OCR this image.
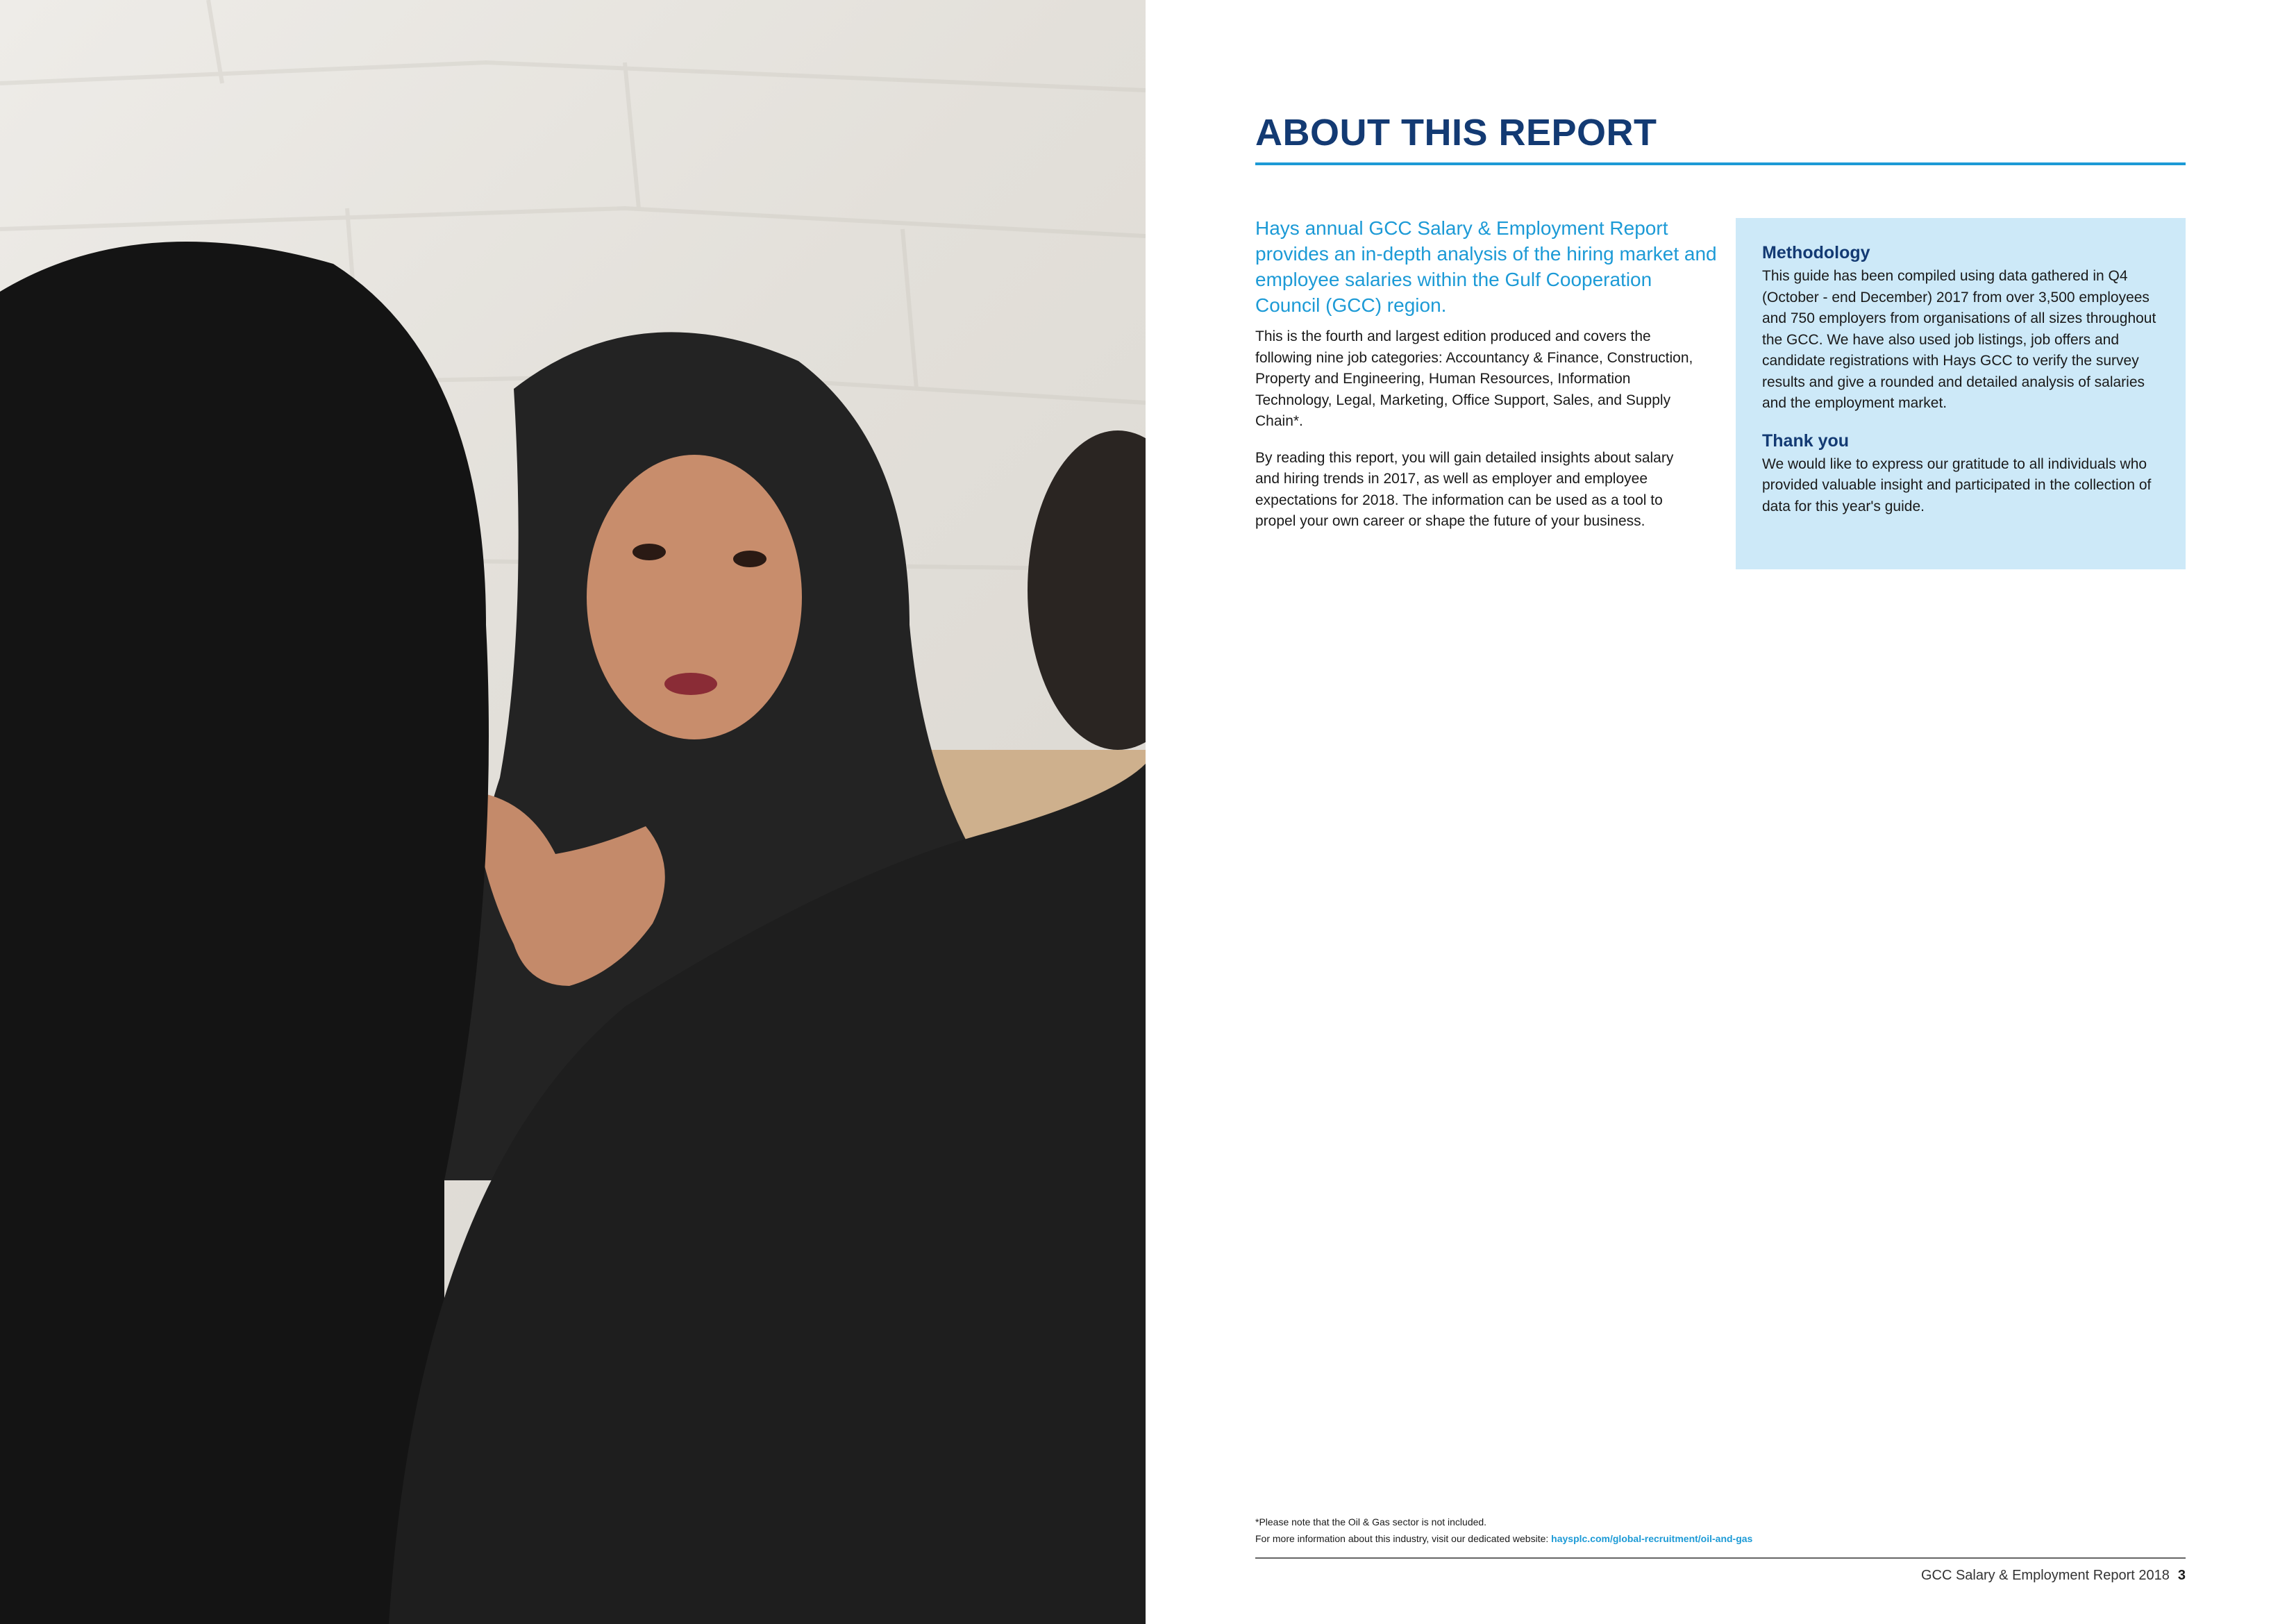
ABOUT THIS REPORT
Hays annual GCC Salary & Employment Report provides an in-depth analysis of the hiring market and employee salaries within the Gulf Cooperation Council (GCC) region.

This is the fourth and largest edition produced and covers the following nine job categories: Accountancy & Finance, Construction, Property and Engineering, Human Resources, Information Technology, Legal, Marketing, Office Support, Sales, and Supply Chain*.

By reading this report, you will gain detailed insights about salary and hiring trends in 2017, as well as employer and employee expectations for 2018. The information can be used as a tool to propel your own career or shape the future of your business.

Methodology

This guide has been compiled using data gathered in Q4 (October - end December) 2017 from over 3,500 employees and 750 employers from organisations of all sizes throughout the GCC. We have also used job listings, job offers and candidate registrations with Hays GCC to verify the survey results and give a rounded and detailed analysis of salaries and the employment market.

Thank you

We would like to express our gratitude to all individuals who provided valuable insight and participated in the collection of data for this year's guide.

*Please note that the Oil & Gas sector is not included.
For more information about this industry, visit our dedicated website: haysplc.com/global-recruitment/oil-and-gas
GCC Salary & Employment Report 2018 3
